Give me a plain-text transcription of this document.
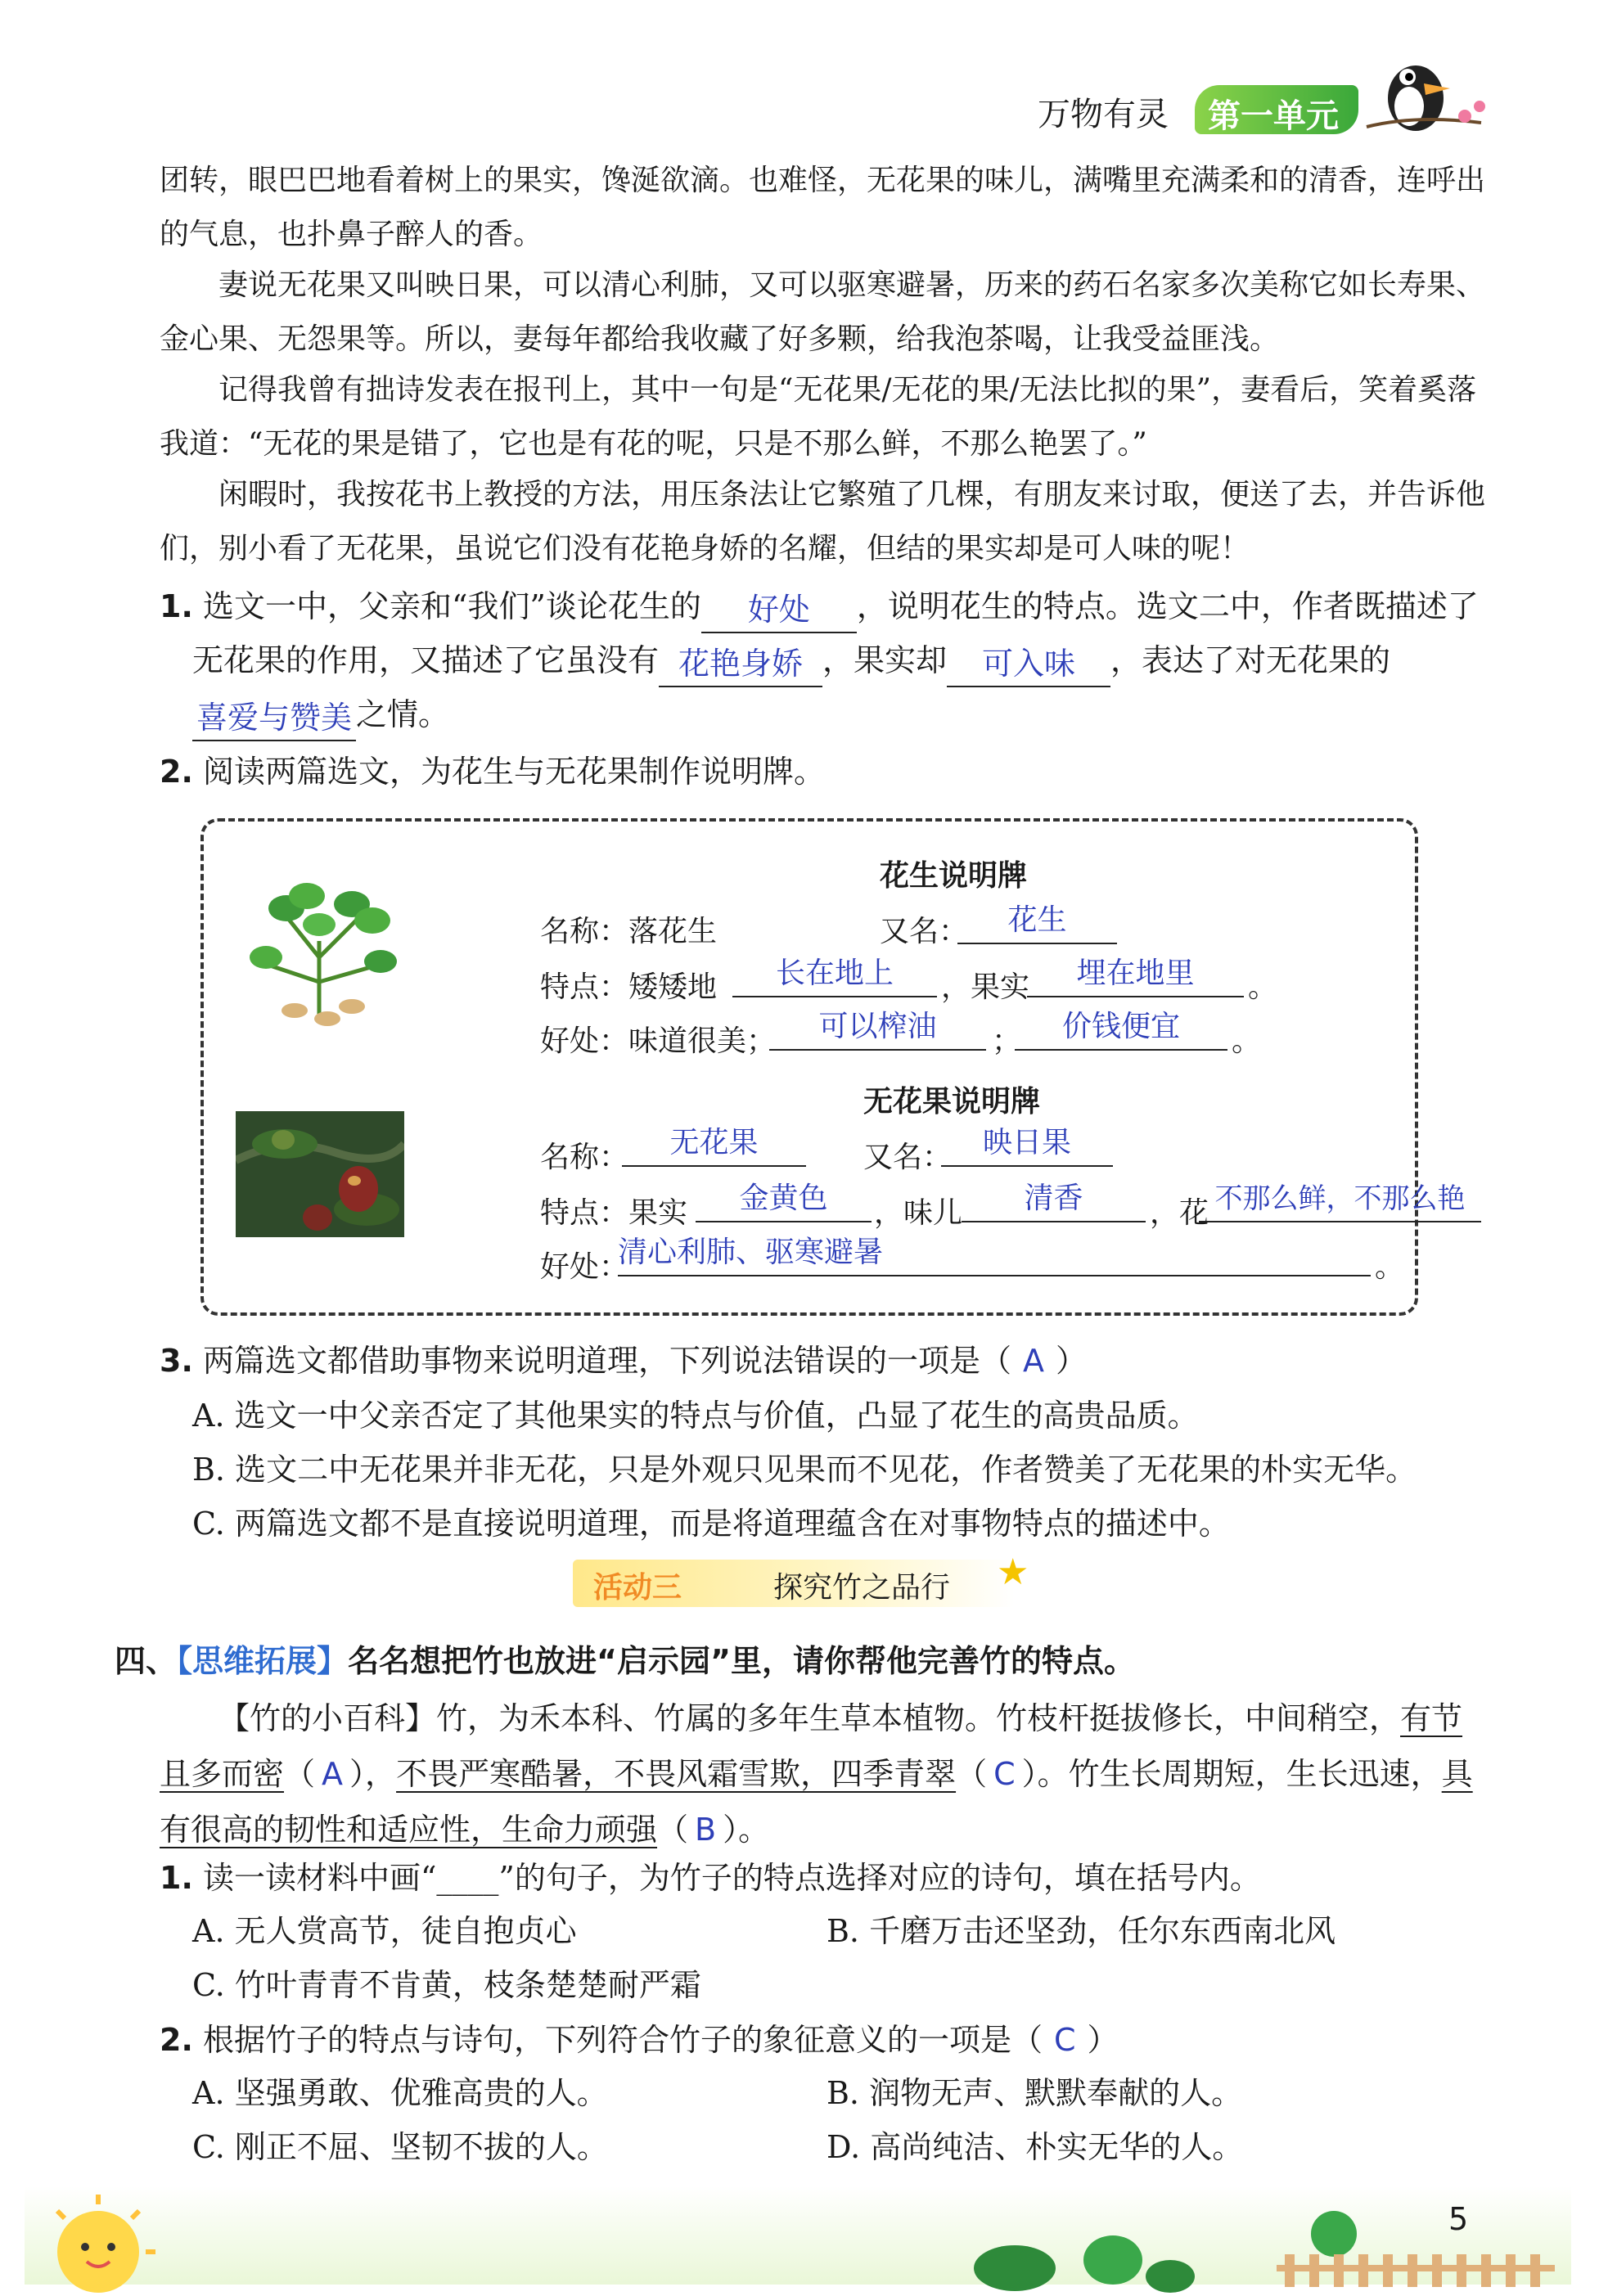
万物有灵 第一单元
团转，眼巴巴地看着树上的果实，馋涎欲滴。也难怪，无花果的味儿，满嘴里充满柔和的清香，连呼出的气息，也扑鼻子醉人的香。
妻说无花果又叫映日果，可以清心利肺，又可以驱寒避暑，历来的药石名家多次美称它如长寿果、金心果、无怨果等。所以，妻每年都给我收藏了好多颗，给我泡茶喝，让我受益匪浅。
记得我曾有拙诗发表在报刊上，其中一句是“无花果/无花的果/无法比拟的果”，妻看后，笑着奚落我道：“无花的果是错了，它也是有花的呢，只是不那么鲜，不那么艳罢了。”
闲暇时，我按花书上教授的方法，用压条法让它繁殖了几棵，有朋友来讨取，便送了去，并告诉他们，别小看了无花果，虽说它们没有花艳身娇的名耀，但结的果实却是可人味的呢！
1. 选文一中，父亲和“我们”谈论花生的 好处 ，说明花生的特点。选文二中，作者既描述了
无花果的作用，又描述了它虽没有 花艳身娇 ，果实却 可入味 ，表达了对无花果的
喜爱与赞美 之情。
2. 阅读两篇选文，为花生与无花果制作说明牌。
花生说明牌
名称：落花生	又名：	花生
特点：矮矮地	长在地上	，果实	埋在地里	。
好处：味道很美；	可以榨油	；	价钱便宜	。
无花果说明牌
名称：	无花果	又名：	映日果
特点：果实	金黄色	，味儿	清香	，花 不那么鲜，不那么艳
好处：
清心利肺、驱寒避暑	。
3. 两篇选文都借助事物来说明道理，下列说法错误的一项是（ A ）
A. 选文一中父亲否定了其他果实的特点与价值，凸显了花生的高贵品质。
B. 选文二中无花果并非无花，只是外观只见果而不见花，作者赞美了无花果的朴实无华。
C. 两篇选文都不是直接说明道理，而是将道理蕴含在对事物特点的描述中。
活动三	探究竹之品行 ★
四、【思维拓展】名名想把竹也放进“启示园”里，请你帮他完善竹的特点。
【竹的小百科】竹，为禾本科、竹属的多年生草本植物。竹枝杆挺拔修长，中间稍空，有节且多而密（ A ），不畏严寒酷暑，不畏风霜雪欺，四季青翠（ C ）。竹生长周期短，生长迅速，具有很高的韧性和适应性，生命力顽强（ B ）。
1. 读一读材料中画“____”的句子，为竹子的特点选择对应的诗句，填在括号内。
A. 无人赏高节，徒自抱贞心	B. 千磨万击还坚劲，任尔东西南北风
C. 竹叶青青不肯黄，枝条楚楚耐严霜
2. 根据竹子的特点与诗句，下列符合竹子的象征意义的一项是（ C ）
A. 坚强勇敢、优雅高贵的人。	B. 润物无声、默默奉献的人。
C. 刚正不屈、坚韧不拔的人。	D. 高尚纯洁、朴实无华的人。
5
